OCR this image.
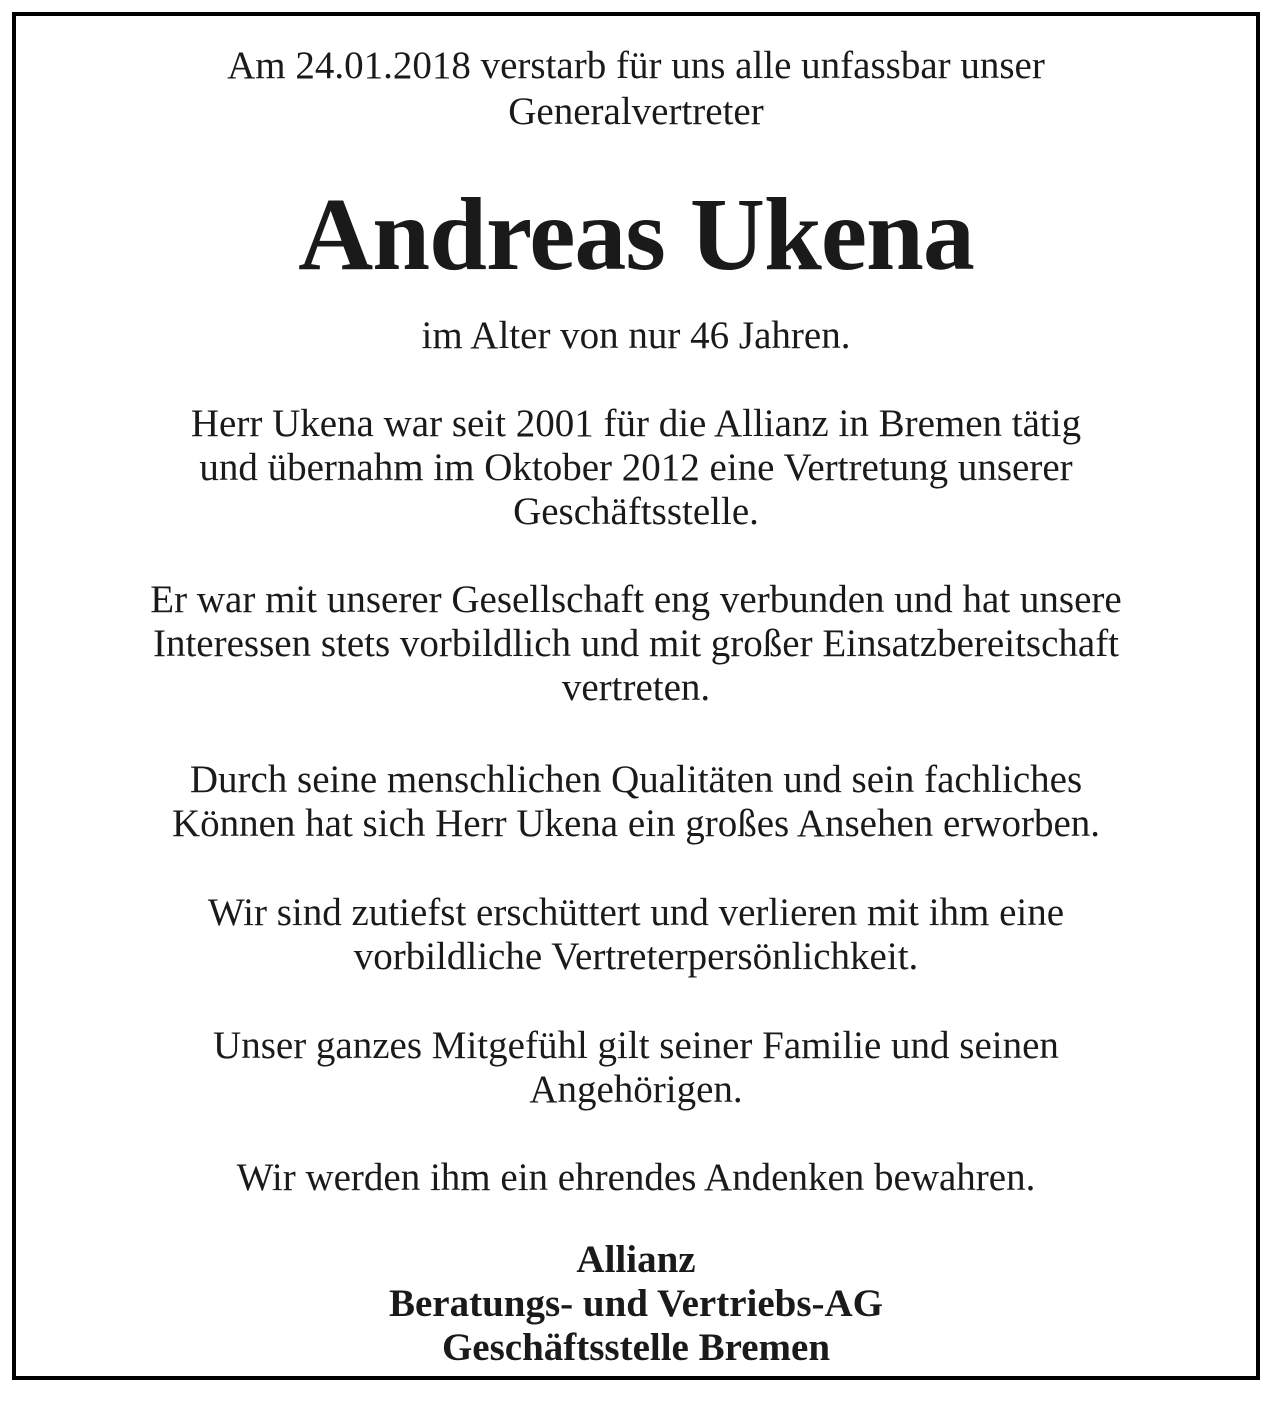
Am 24.01.2018 verstarb für uns alle unfassbar unser
Generalvertreter
Andreas Ukena
im Alter von nur 46 Jahren.
Herr Ukena war seit 2001 für die Allianz in Bremen tätig
und übernahm im Oktober 2012 eine Vertretung unserer
Geschäftsstelle.
Er war mit unserer Gesellschaft eng verbunden und hat unsere
Interessen stets vorbildlich und mit großer Einsatzbereitschaft
vertreten.
Durch seine menschlichen Qualitäten und sein fachliches
Können hat sich Herr Ukena ein großes Ansehen erworben.
Wir sind zutiefst erschüttert und verlieren mit ihm eine
vorbildliche Vertreterpersönlichkeit.
Unser ganzes Mitgefühl gilt seiner Familie und seinen
Angehörigen.
Wir werden ihm ein ehrendes Andenken bewahren.
Allianz
Beratungs- und Vertriebs-AG
Geschäftsstelle Bremen
